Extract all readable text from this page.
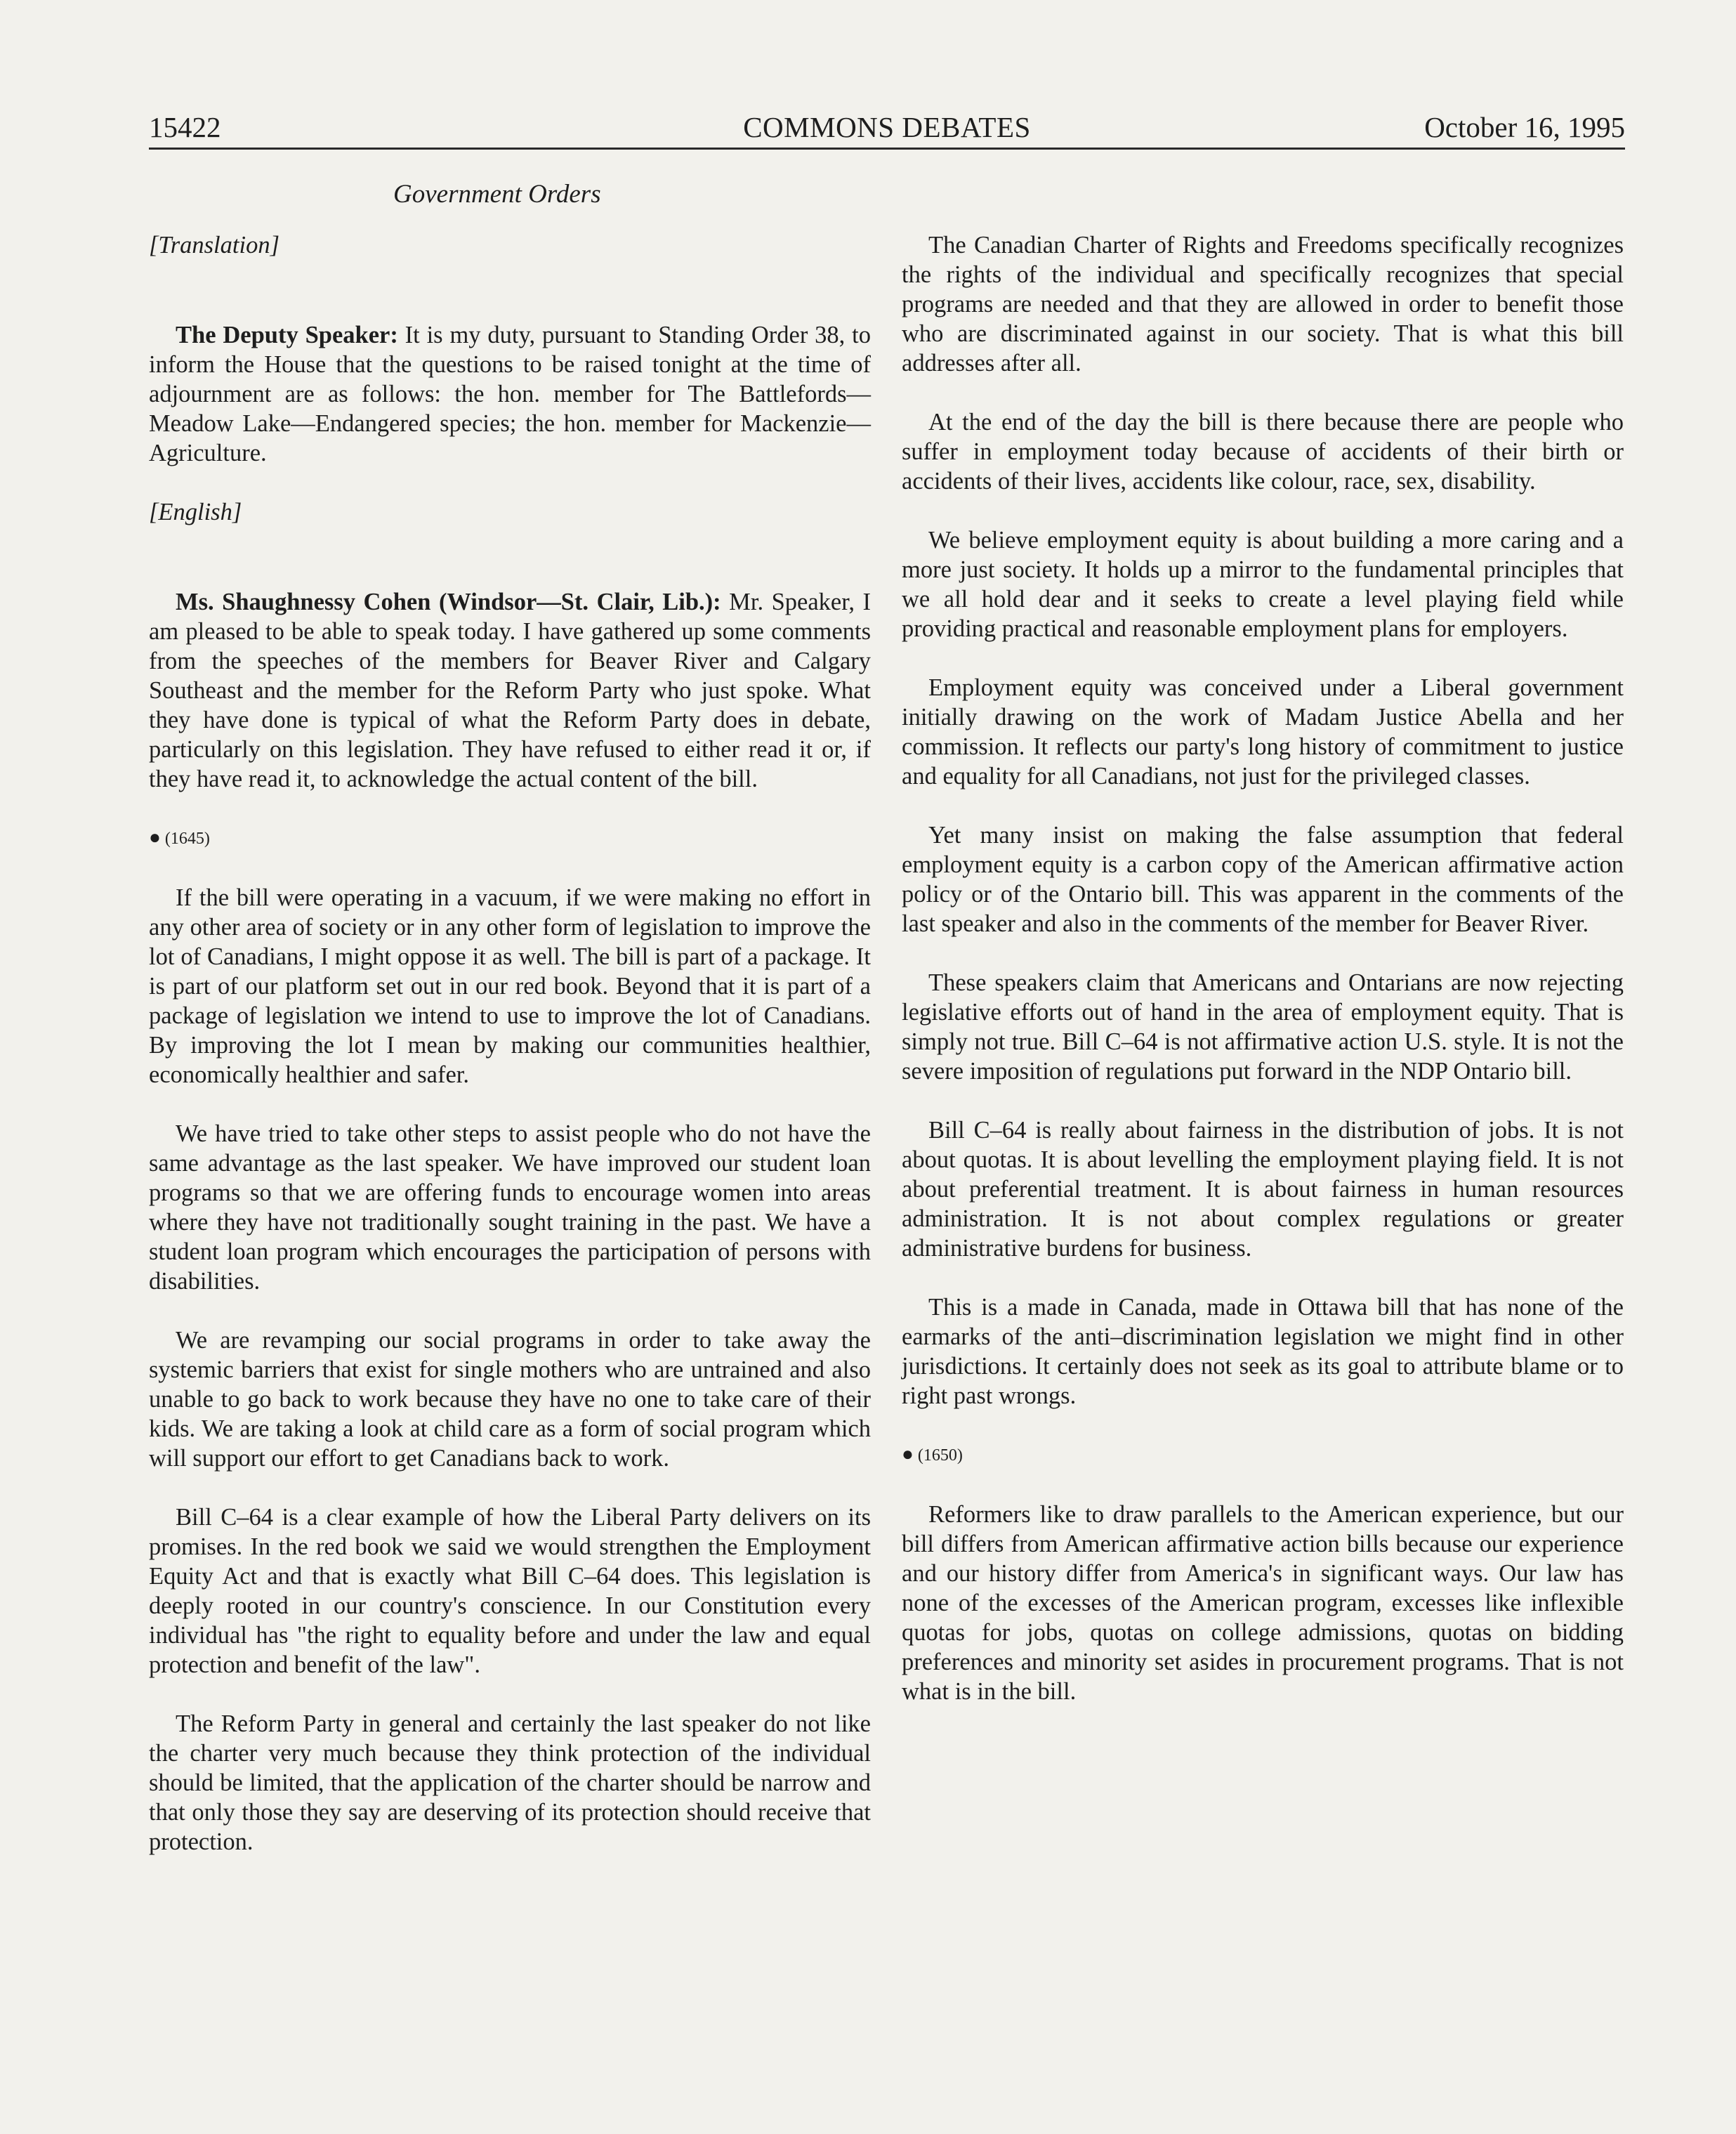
15422	COMMONS DEBATES	October 16, 1995
Government Orders

[Translation]

The Deputy Speaker: It is my duty, pursuant to Standing Order 38, to inform the House that the questions to be raised tonight at the time of adjournment are as follows: the hon. member for The Battlefords—Meadow Lake—Endangered species; the hon. member for Mackenzie—Agriculture.

[English]

Ms. Shaughnessy Cohen (Windsor—St. Clair, Lib.): Mr. Speaker, I am pleased to be able to speak today. I have gathered up some comments from the speeches of the members for Beaver River and Calgary Southeast and the member for the Reform Party who just spoke. What they have done is typical of what the Reform Party does in debate, particularly on this legislation. They have refused to either read it or, if they have read it, to acknowledge the actual content of the bill.

● (1645)

If the bill were operating in a vacuum, if we were making no effort in any other area of society or in any other form of legislation to improve the lot of Canadians, I might oppose it as well. The bill is part of a package. It is part of our platform set out in our red book. Beyond that it is part of a package of legislation we intend to use to improve the lot of Canadians. By improving the lot I mean by making our communities healthier, economically healthier and safer.

We have tried to take other steps to assist people who do not have the same advantage as the last speaker. We have improved our student loan programs so that we are offering funds to encourage women into areas where they have not traditionally sought training in the past. We have a student loan program which encourages the participation of persons with disabilities.

We are revamping our social programs in order to take away the systemic barriers that exist for single mothers who are untrained and also unable to go back to work because they have no one to take care of their kids. We are taking a look at child care as a form of social program which will support our effort to get Canadians back to work.

Bill C–64 is a clear example of how the Liberal Party delivers on its promises. In the red book we said we would strengthen the Employment Equity Act and that is exactly what Bill C–64 does. This legislation is deeply rooted in our country's conscience. In our Constitution every individual has "the right to equality before and under the law and equal protection and benefit of the law".

The Reform Party in general and certainly the last speaker do not like the charter very much because they think protection of the individual should be limited, that the application of the charter should be narrow and that only those they say are deserving of its protection should receive that protection.

The Canadian Charter of Rights and Freedoms specifically recognizes the rights of the individual and specifically recognizes that special programs are needed and that they are allowed in order to benefit those who are discriminated against in our society. That is what this bill addresses after all.

At the end of the day the bill is there because there are people who suffer in employment today because of accidents of their birth or accidents of their lives, accidents like colour, race, sex, disability.

We believe employment equity is about building a more caring and a more just society. It holds up a mirror to the fundamental principles that we all hold dear and it seeks to create a level playing field while providing practical and reasonable employment plans for employers.

Employment equity was conceived under a Liberal government initially drawing on the work of Madam Justice Abella and her commission. It reflects our party's long history of commitment to justice and equality for all Canadians, not just for the privileged classes.

Yet many insist on making the false assumption that federal employment equity is a carbon copy of the American affirmative action policy or of the Ontario bill. This was apparent in the comments of the last speaker and also in the comments of the member for Beaver River.

These speakers claim that Americans and Ontarians are now rejecting legislative efforts out of hand in the area of employment equity. That is simply not true. Bill C–64 is not affirmative action U.S. style. It is not the severe imposition of regulations put forward in the NDP Ontario bill.

Bill C–64 is really about fairness in the distribution of jobs. It is not about quotas. It is about levelling the employment playing field. It is not about preferential treatment. It is about fairness in human resources administration. It is not about complex regulations or greater administrative burdens for business.

This is a made in Canada, made in Ottawa bill that has none of the earmarks of the anti–discrimination legislation we might find in other jurisdictions. It certainly does not seek as its goal to attribute blame or to right past wrongs.

● (1650)

Reformers like to draw parallels to the American experience, but our bill differs from American affirmative action bills because our experience and our history differ from America's in significant ways. Our law has none of the excesses of the American program, excesses like inflexible quotas for jobs, quotas on college admissions, quotas on bidding preferences and minority set asides in procurement programs. That is not what is in the bill.
